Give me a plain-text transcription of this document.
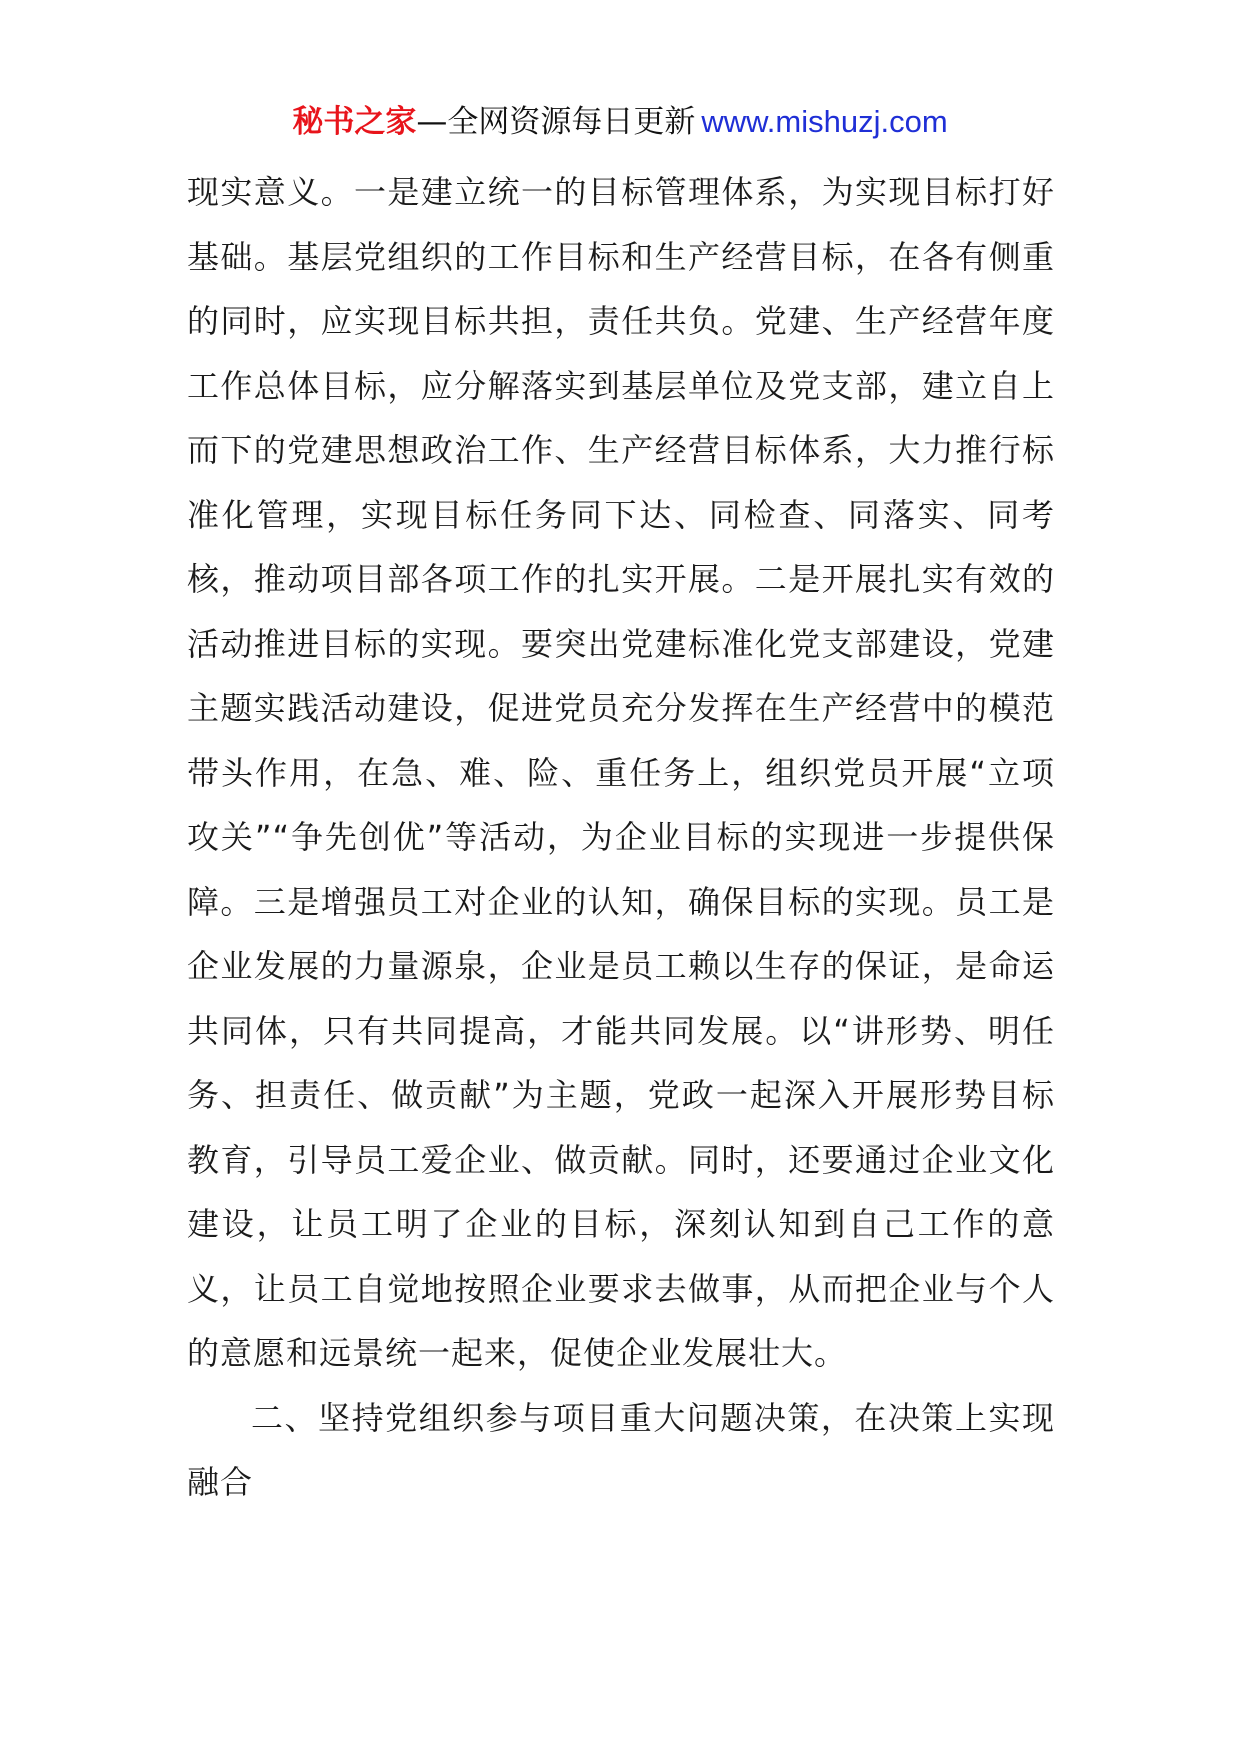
秘书之家—全网资源每日更新 www.mishuzj.com

现实意义。一是建立统一的目标管理体系，为实现目标打好基础。基层党组织的工作目标和生产经营目标，在各有侧重的同时，应实现目标共担，责任共负。党建、生产经营年度工作总体目标，应分解落实到基层单位及党支部，建立自上而下的党建思想政治工作、生产经营目标体系，大力推行标准化管理，实现目标任务同下达、同检查、同落实、同考核，推动项目部各项工作的扎实开展。二是开展扎实有效的活动推进目标的实现。要突出党建标准化党支部建设，党建主题实践活动建设，促进党员充分发挥在生产经营中的模范带头作用，在急、难、险、重任务上，组织党员开展“立项攻关”“争先创优”等活动，为企业目标的实现进一步提供保障。三是增强员工对企业的认知，确保目标的实现。员工是企业发展的力量源泉，企业是员工赖以生存的保证，是命运共同体，只有共同提高，才能共同发展。以“讲形势、明任务、担责任、做贡献”为主题，党政一起深入开展形势目标教育，引导员工爱企业、做贡献。同时，还要通过企业文化建设，让员工明了企业的目标，深刻认知到自己工作的意义，让员工自觉地按照企业要求去做事，从而把企业与个人的意愿和远景统一起来，促使企业发展壮大。

二、坚持党组织参与项目重大问题决策，在决策上实现融合
